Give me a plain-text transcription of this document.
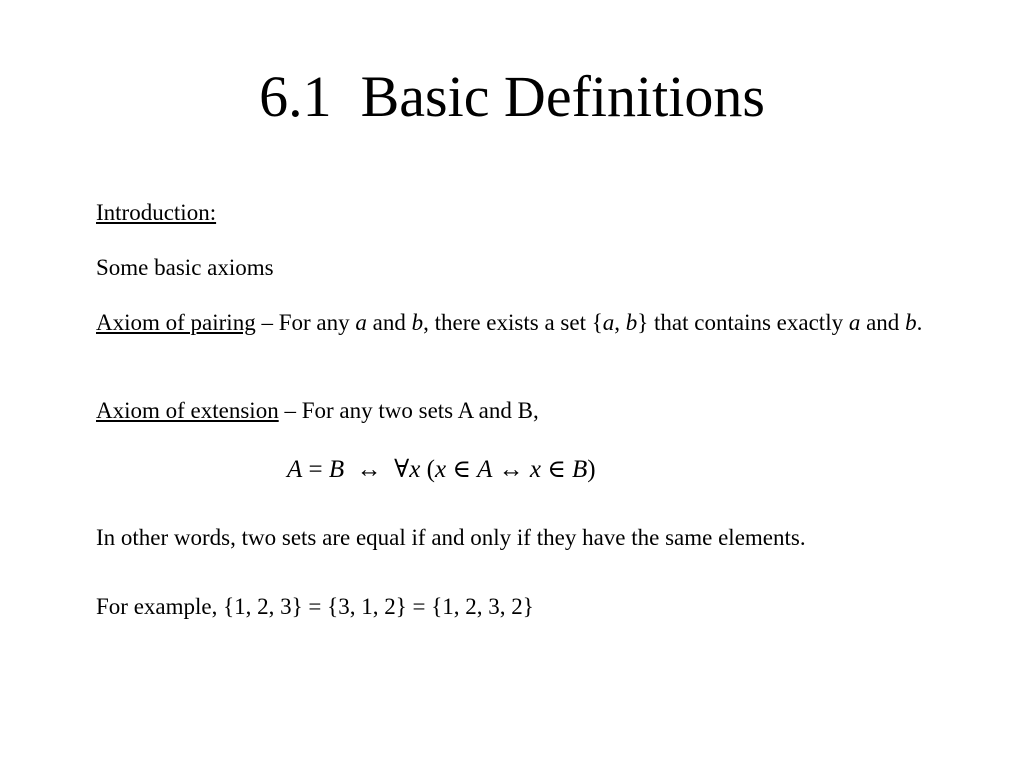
6.1  Basic Definitions

Introduction:

Some basic axioms

Axiom of pairing – For any a and b, there exists a set {a, b} that contains exactly a and b.

Axiom of extension – For any two sets A and B,

A = B  ↔  ∀x (x ∈ A ↔ x ∈ B)

In other words, two sets are equal if and only if they have the same elements.

For example, {1, 2, 3} = {3, 1, 2} = {1, 2, 3, 2}
